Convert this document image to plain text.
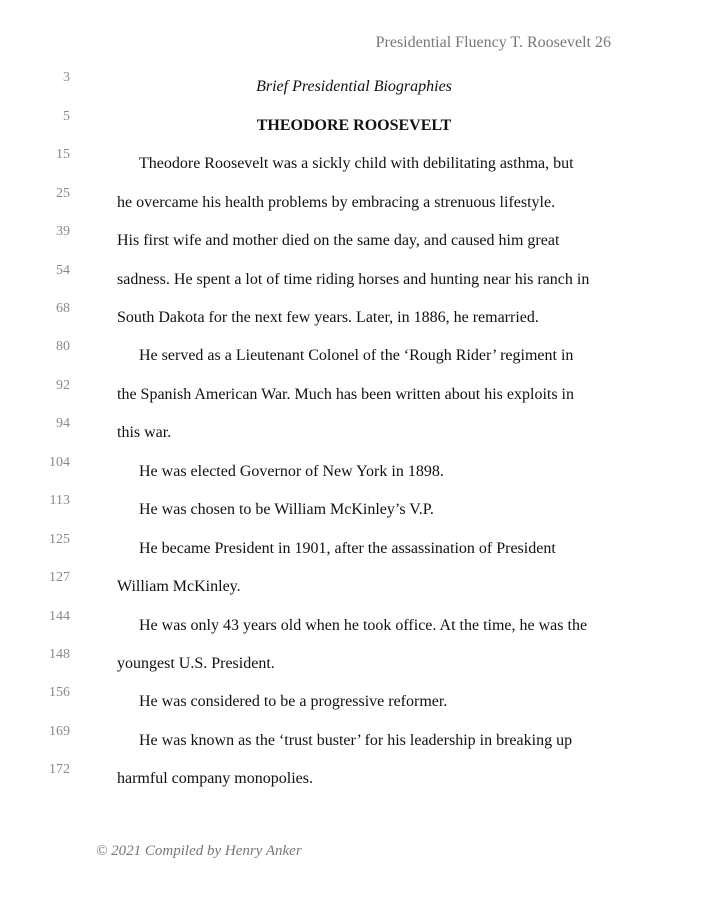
Presidential Fluency T. Roosevelt 26
3
Brief Presidential Biographies
5
THEODORE ROOSEVELT
15
Theodore Roosevelt was a sickly child with debilitating asthma, but
25
he overcame his health problems by embracing a strenuous lifestyle.
39
His first wife and mother died on the same day, and caused him great
54
sadness. He spent a lot of time riding horses and hunting near his ranch in
68
South Dakota for the next few years. Later, in 1886, he remarried.
80
He served as a Lieutenant Colonel of the ‘Rough Rider’ regiment in
92
the Spanish American War. Much has been written about his exploits in
94
this war.
104
He was elected Governor of New York in 1898.
113
He was chosen to be William McKinley’s V.P.
125
He became President in 1901, after the assassination of President
127
William McKinley.
144
He was only 43 years old when he took office. At the time, he was the
148
youngest U.S. President.
156
He was considered to be a progressive reformer.
169
He was known as the ‘trust buster’ for his leadership in breaking up
172
harmful company monopolies.
© 2021 Compiled by Henry Anker
